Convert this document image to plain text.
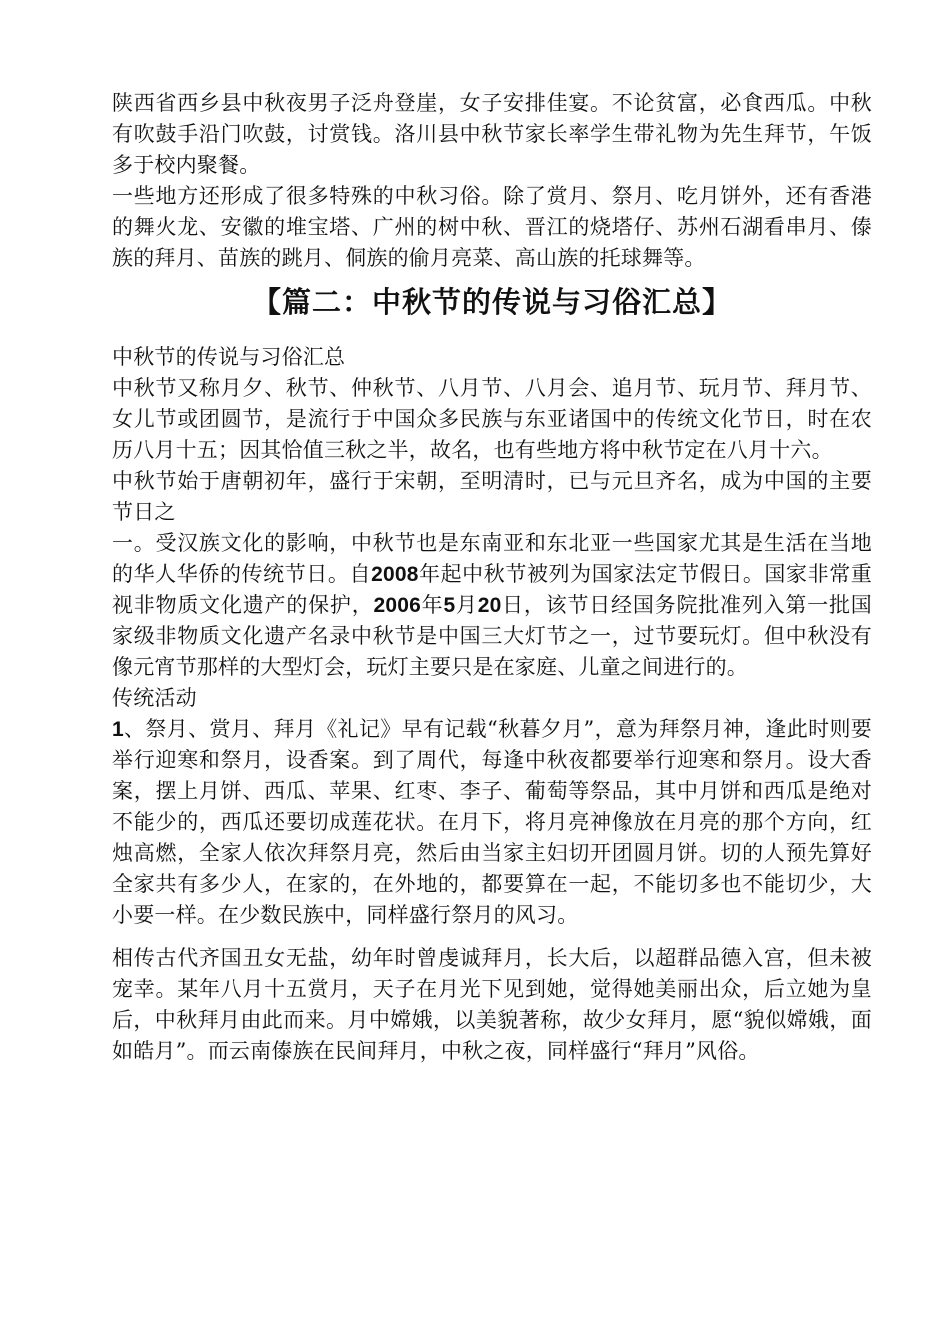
陕西省西乡县中秋夜男子泛舟登崖，女子安排佳宴。不论贫富，必食西瓜。中秋有吹鼓手沿门吹鼓，讨赏钱。洛川县中秋节家长率学生带礼物为先生拜节，午饭多于校内聚餐。

一些地方还形成了很多特殊的中秋习俗。除了赏月、祭月、吃月饼外，还有香港的舞火龙、安徽的堆宝塔、广州的树中秋、晋江的烧塔仔、苏州石湖看串月、傣族的拜月、苗族的跳月、侗族的偷月亮菜、高山族的托球舞等。

【篇二：中秋节的传说与习俗汇总】

中秋节的传说与习俗汇总

中秋节又称月夕、秋节、仲秋节、八月节、八月会、追月节、玩月节、拜月节、女儿节或团圆节，是流行于中国众多民族与东亚诸国中的传统文化节日，时在农历八月十五；因其恰值三秋之半，故名，也有些地方将中秋节定在八月十六。

中秋节始于唐朝初年，盛行于宋朝，至明清时，已与元旦齐名，成为中国的主要节日之

一。受汉族文化的影响，中秋节也是东南亚和东北亚一些国家尤其是生活在当地的华人华侨的传统节日。自2008年起中秋节被列为国家法定节假日。国家非常重视非物质文化遗产的保护，2006年5月20日，该节日经国务院批准列入第一批国家级非物质文化遗产名录中秋节是中国三大灯节之一，过节要玩灯。但中秋没有像元宵节那样的大型灯会，玩灯主要只是在家庭、儿童之间进行的。

传统活动

1、祭月、赏月、拜月《礼记》早有记载“秋暮夕月”，意为拜祭月神，逢此时则要举行迎寒和祭月，设香案。到了周代，每逢中秋夜都要举行迎寒和祭月。设大香案，摆上月饼、西瓜、苹果、红枣、李子、葡萄等祭品，其中月饼和西瓜是绝对不能少的，西瓜还要切成莲花状。在月下，将月亮神像放在月亮的那个方向，红烛高燃，全家人依次拜祭月亮，然后由当家主妇切开团圆月饼。切的人预先算好全家共有多少人，在家的，在外地的，都要算在一起，不能切多也不能切少，大小要一样。在少数民族中，同样盛行祭月的风习。

相传古代齐国丑女无盐，幼年时曾虔诚拜月，长大后，以超群品德入宫，但未被宠幸。某年八月十五赏月，天子在月光下见到她，觉得她美丽出众，后立她为皇后，中秋拜月由此而来。月中嫦娥，以美貌著称，故少女拜月，愿“貌似嫦娥，面如皓月”。而云南傣族在民间拜月，中秋之夜，同样盛行“拜月”风俗。
